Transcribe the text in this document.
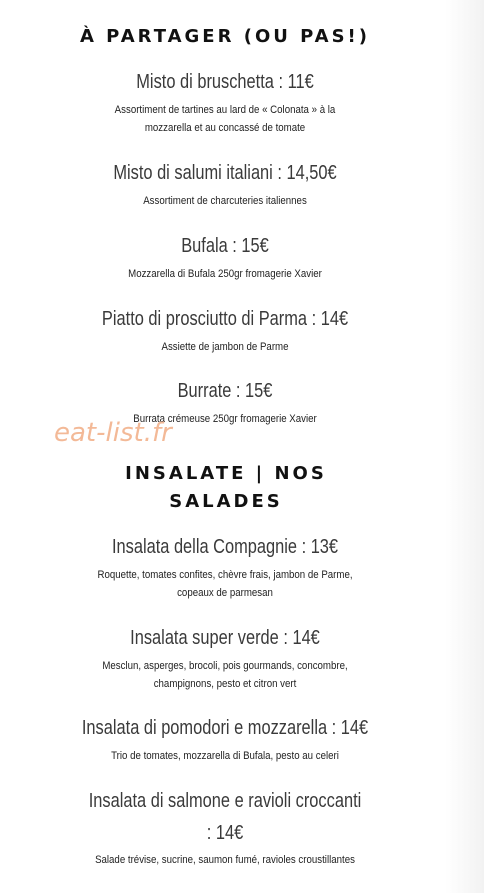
À PARTAGER (OU PAS!)
Misto di bruschetta : 11€
Assortiment de tartines au lard de « Colonata » à la mozzarella et au concassé de tomate
Misto di salumi italiani : 14,50€
Assortiment de charcuteries italiennes
Bufala : 15€
Mozzarella di Bufala 250gr fromagerie Xavier
Piatto di prosciutto di Parma : 14€
Assiette de jambon de Parme
Burrate : 15€
Burrata crémeuse 250gr fromagerie Xavier
eat-list.fr
INSALATE | NOS
SALADES
Insalata della Compagnie : 13€
Roquette, tomates confites, chèvre frais, jambon de Parme, copeaux de parmesan
Insalata super verde : 14€
Mesclun, asperges, brocoli, pois gourmands, concombre, champignons, pesto et citron vert
Insalata di pomodori e mozzarella : 14€
Trio de tomates, mozzarella di Bufala, pesto au celeri
Insalata di salmone e ravioli croccanti : 14€
Salade trévise, sucrine, saumon fumé, ravioles croustillantes
